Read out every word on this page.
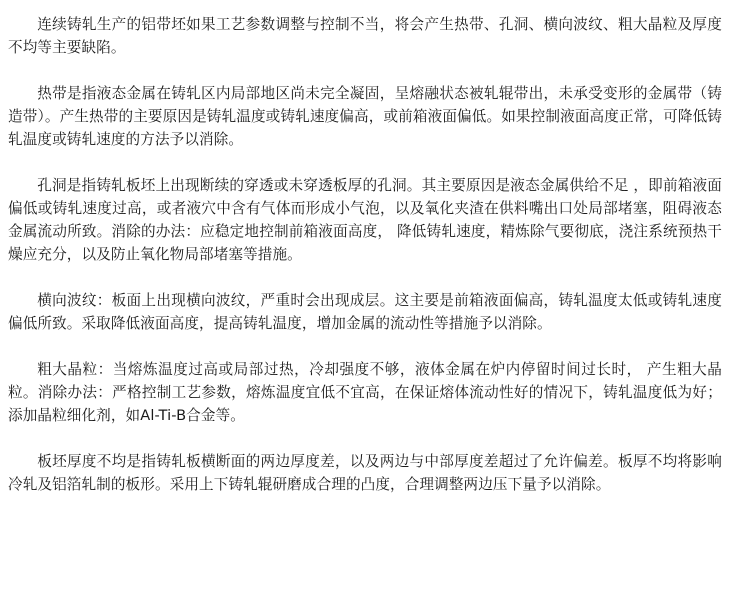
连续铸轧生产的铝带坯如果工艺参数调整与控制不当，将会产生热带、孔洞、横向波纹、粗大晶粒及厚度不均等主要缺陷。

热带是指液态金属在铸轧区内局部地区尚未完全凝固，呈熔融状态被轧辊带出，未承受变形的金属带（铸造带）。产生热带的主要原因是铸轧温度或铸轧速度偏高，或前箱液面偏低。如果控制液面高度正常，可降低铸轧温度或铸轧速度的方法予以消除。

孔洞是指铸轧板坯上出现断续的穿透或未穿透板厚的孔洞。其主要原因是液态金属供给不足 ，即前箱液面偏低或铸轧速度过高，或者液穴中含有气体而形成小气泡，以及氧化夹渣在供料嘴出口处局部堵塞，阻碍液态金属流动所致。消除的办法：应稳定地控制前箱液面高度， 降低铸轧速度，精炼除气要彻底，浇注系统预热干燥应充分，以及防止氧化物局部堵塞等措施。

横向波纹：板面上出现横向波纹，严重时会出现成层。这主要是前箱液面偏高，铸轧温度太低或铸轧速度偏低所致。采取降低液面高度，提高铸轧温度，增加金属的流动性等措施予以消除。

粗大晶粒：当熔炼温度过高或局部过热，冷却强度不够，液体金属在炉内停留时间过长时， 产生粗大晶粒。消除办法：严格控制工艺参数，熔炼温度宜低不宜高，在保证熔体流动性好的情况下，铸轧温度低为好；添加晶粒细化剂，如Al-Ti-B合金等。

板坯厚度不均是指铸轧板横断面的两边厚度差，以及两边与中部厚度差超过了允许偏差。板厚不均将影响冷轧及铝箔轧制的板形。采用上下铸轧辊研磨成合理的凸度，合理调整两边压下量予以消除。
